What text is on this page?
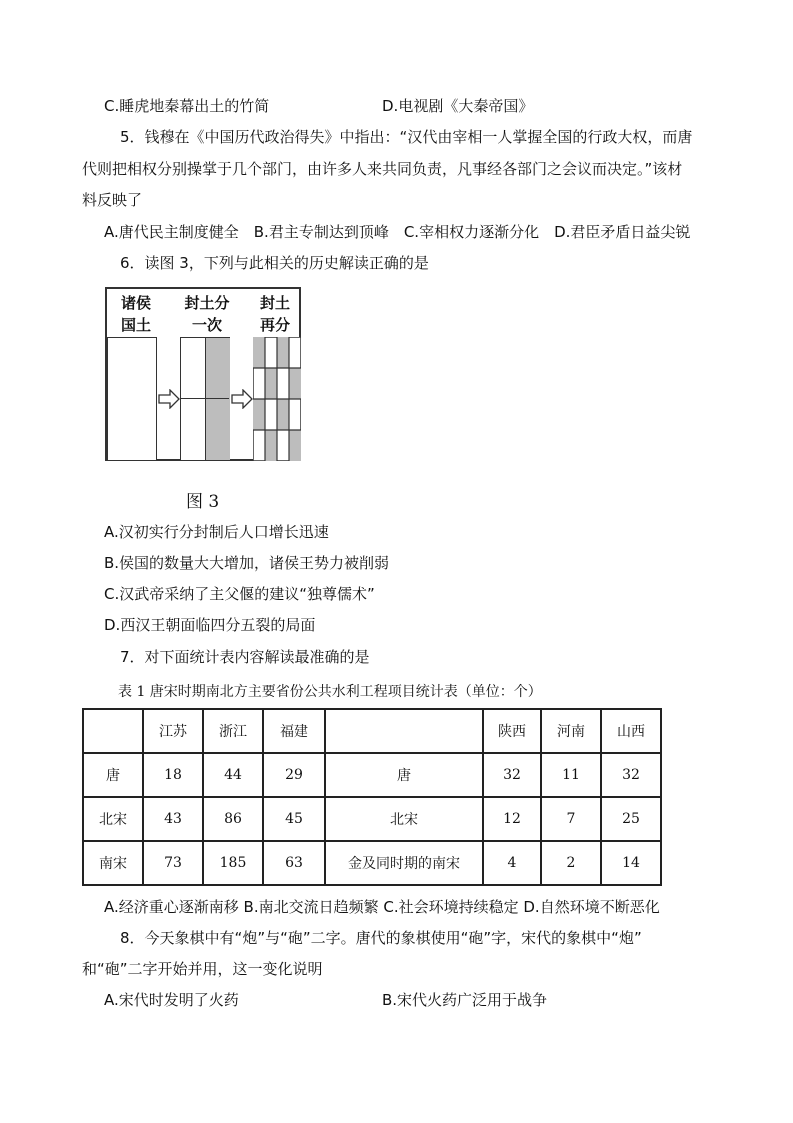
C.睡虎地秦幕出土的竹简	D.电视剧《大秦帝国》
5．钱穆在《中国历代政治得失》中指出：“汉代由宰相一人掌握全国的行政大权，而唐
代则把相权分别操掌于几个部门，由许多人来共同负责，凡事经各部门之会议而决定。”该材
料反映了
A.唐代民主制度健全　B.君主专制达到顶峰　C.宰相权力逐渐分化　D.君臣矛盾日益尖锐
6．读图 3，下列与此相关的历史解读正确的是
诸侯
国土
封土分
一次
封土
再分
图 3
A.汉初实行分封制后人口增长迅速
B.侯国的数量大大增加，诸侯王势力被削弱
C.汉武帝采纳了主父偃的建议“独尊儒术”
D.西汉王朝面临四分五裂的局面
7．对下面统计表内容解读最准确的是
表 1 唐宋时期南北方主要省份公共水利工程项目统计表（单位：个）
	江苏	浙江	福建		陕西	河南	山西
唐	18	44	29	唐	32	11	32
北宋	43	86	45	北宋	12	7	25
南宋	73	185	63	金及同时期的南宋	4	2	14
A.经济重心逐渐南移 B.南北交流日趋频繁 C.社会环境持续稳定 D.自然环境不断恶化
8．今天象棋中有“炮”与“砲”二字。唐代的象棋使用“砲”字，宋代的象棋中“炮”
和“砲”二字开始并用，这一变化说明
A.宋代时发明了火药	B.宋代火药广泛用于战争
